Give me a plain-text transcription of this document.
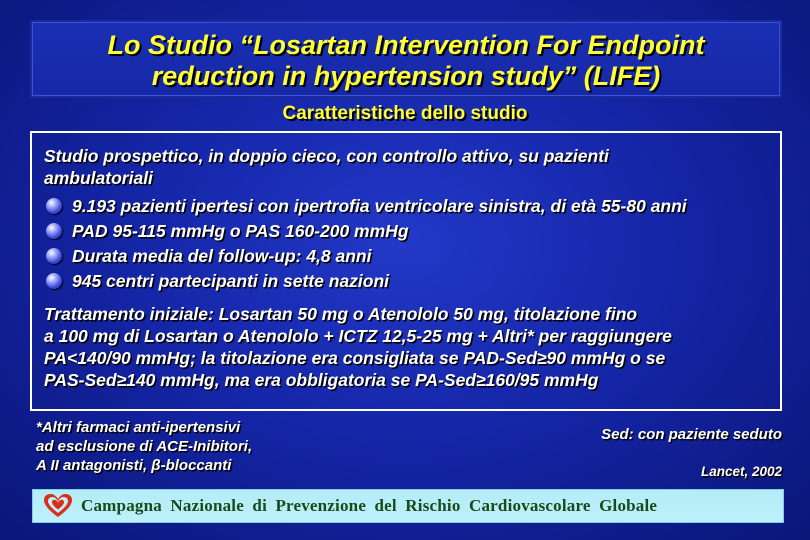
Lo Studio “Losartan Intervention For Endpoint
reduction in hypertension study” (LIFE)
Caratteristiche dello studio
Studio prospettico, in doppio cieco, con controllo attivo, su pazienti
ambulatoriali
9.193 pazienti ipertesi con ipertrofia ventricolare sinistra, di età 55-80 anni
PAD 95-115 mmHg o PAS 160-200 mmHg
Durata media del follow-up: 4,8 anni
945 centri partecipanti in sette nazioni
Trattamento iniziale: Losartan 50 mg o Atenololo 50 mg, titolazione fino
a 100 mg di Losartan o Atenololo + ICTZ 12,5-25 mg + Altri* per raggiungere
PA<140/90 mmHg; la titolazione era consigliata se PAD-Sed≥90 mmHg o se
PAS-Sed≥140 mmHg, ma era obbligatoria se PA-Sed≥160/95 mmHg
*Altri farmaci anti-ipertensivi
ad esclusione di ACE-Inibitori,
A II antagonisti, β-bloccanti
Sed: con paziente seduto
Lancet, 2002
Campagna Nazionale di Prevenzione del Rischio Cardiovascolare Globale
